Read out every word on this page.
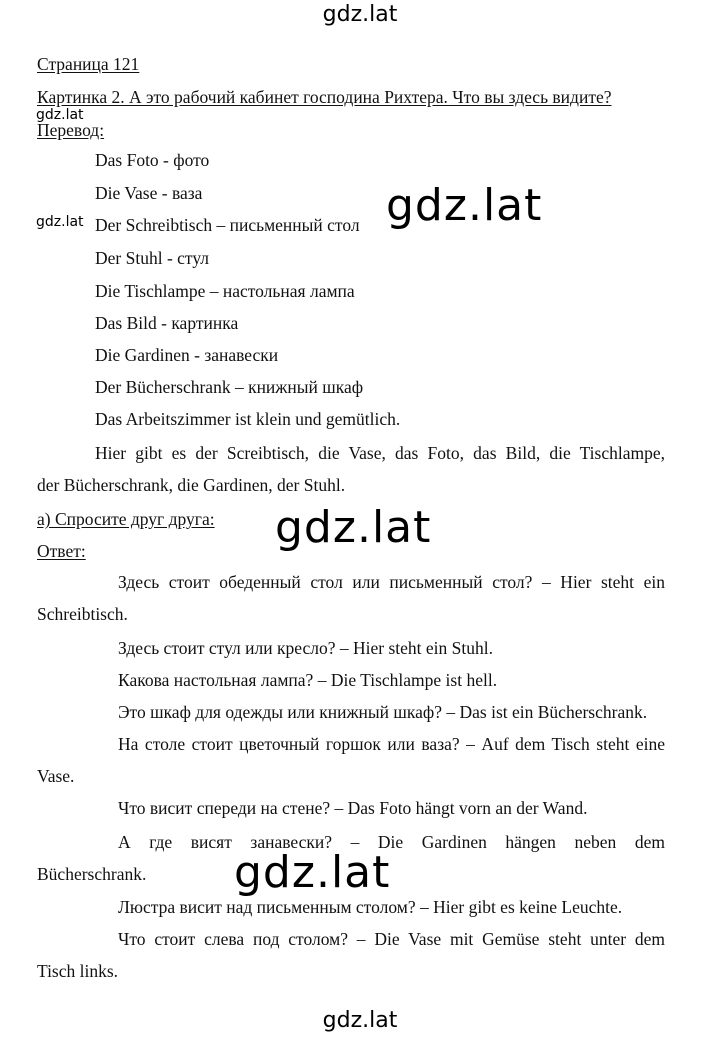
gdz.lat
gdz.lat
gdz.lat
Страница 121
Картинка 2. А это рабочий кабинет господина Рихтера. Что вы здесь видите?
Перевод:
Das Foto - фото
Die Vase - ваза
Der Schreibtisch – письменный стол
Der Stuhl - стул
Die Tischlampe – настольная лампа
Das Bild - картинка
Die Gardinen - занавески
Der Bücherschrank – книжный шкаф
Das Arbeitszimmer ist klein und gemütlich.
Hier gibt es der Screibtisch, die Vase, das Foto, das Bild, die Tischlampe,
der Bücherschrank, die Gardinen, der Stuhl.
а) Спросите друг друга:
Ответ:
Здесь стоит обеденный стол или письменный стол? – Hier steht ein
Schreibtisch.
Здесь стоит стул или кресло? – Hier steht ein Stuhl.
Какова настольная лампа? – Die Tischlampe ist hell.
Это шкаф для одежды или книжный шкаф? – Das ist ein Bücherschrank.
На столе стоит цветочный горшок или ваза? – Auf dem Tisch steht eine
Vase.
Что висит спереди на стене? – Das Foto hängt vorn an der Wand.
А где висят занавески? – Die Gardinen hängen neben dem
Bücherschrank.
Люстра висит над письменным столом? – Hier gibt es keine Leuchte.
Что стоит слева под столом? – Die Vase mit Gemüse steht unter dem
Tisch links.
gdz.lat
gdz.lat
gdz.lat
gdz.lat
